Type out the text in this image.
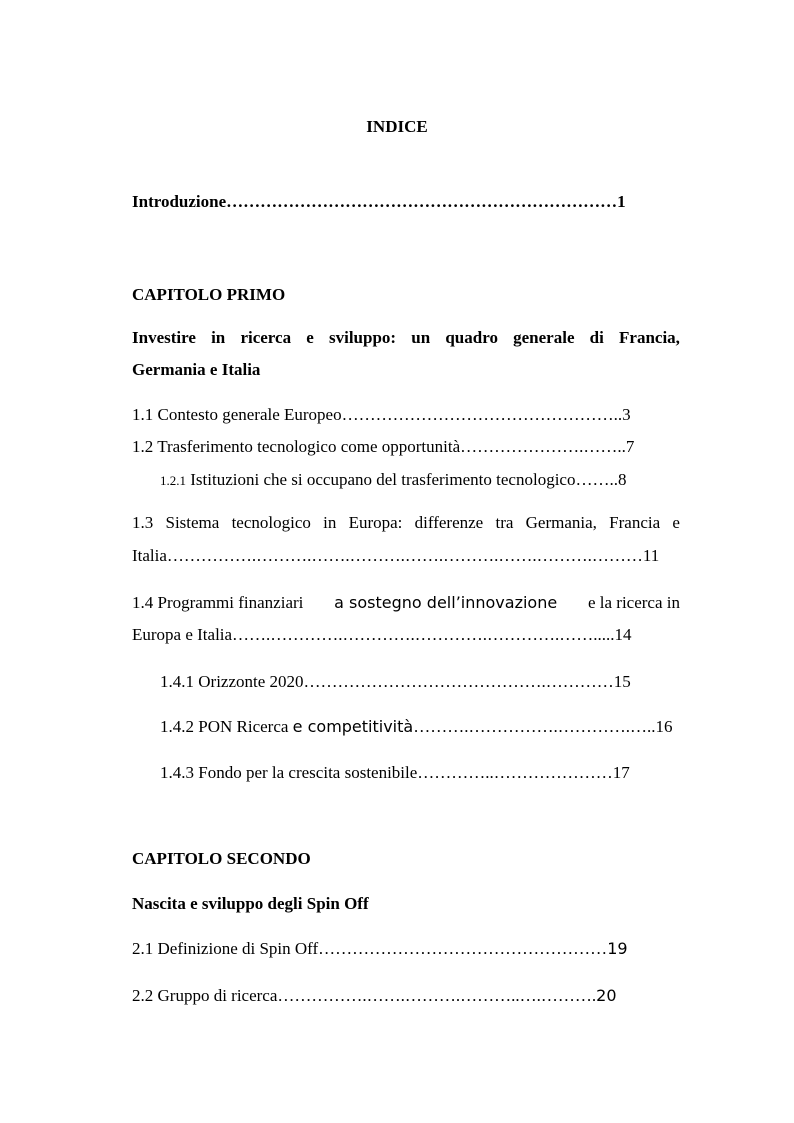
INDICE
Introduzione……………………………………………………………1
CAPITOLO PRIMO
Investire in ricerca e sviluppo: un quadro generale di Francia,
Germania e Italia
1.1 Contesto generale Europeo…………………………………………..3
1.2 Trasferimento tecnologico come opportunità………………….……..7
1.2.1 Istituzioni che si occupano del trasferimento tecnologico……..8
1.3 Sistema tecnologico in Europa: differenze tra Germania, Francia e
Italia…………….……….…….……….…….……….…….……….………11
1.4 Programmi finanziari a sostegno dell’innovazione e la ricerca in
Europa e Italia…….………….………….………….………….…….....14
1.4.1 Orizzonte 2020…………………………………….…………15
1.4.2 PON Ricerca e competitività……….…………….………….…..16
1.4.3 Fondo per la crescita sostenibile…………..…………………17
CAPITOLO SECONDO
Nascita e sviluppo degli Spin Off
2.1 Definizione di Spin Off……………………………………………19
2.2 Gruppo di ricerca…………….…….……….………..….……….20
